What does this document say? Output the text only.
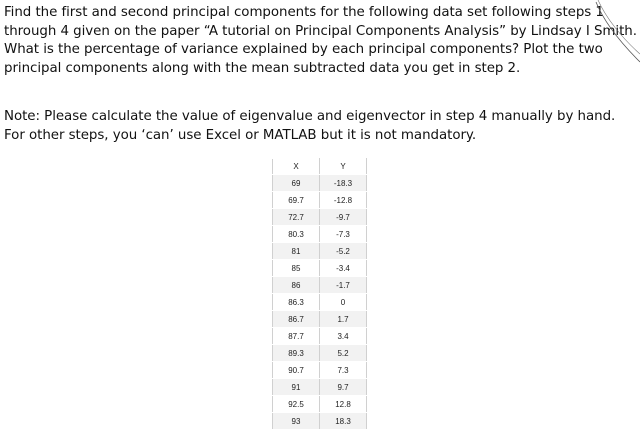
Find the first and second principal components for the following data set following steps 1 through 4 given on the paper “A tutorial on Principal Components Analysis” by Lindsay I Smith. What is the percentage of variance explained by each principal components? Plot the two principal components along with the mean subtracted data you get in step 2.

Note: Please calculate the value of eigenvalue and eigenvector in step 4 manually by hand. For other steps, you ‘can’ use Excel or MATLAB but it is not mandatory.

X	Y
69	-18.3
69.7	-12.8
72.7	-9.7
80.3	-7.3
81	-5.2
85	-3.4
86	-1.7
86.3	0
86.7	1.7
87.7	3.4
89.3	5.2
90.7	7.3
91	9.7
92.5	12.8
93	18.3
